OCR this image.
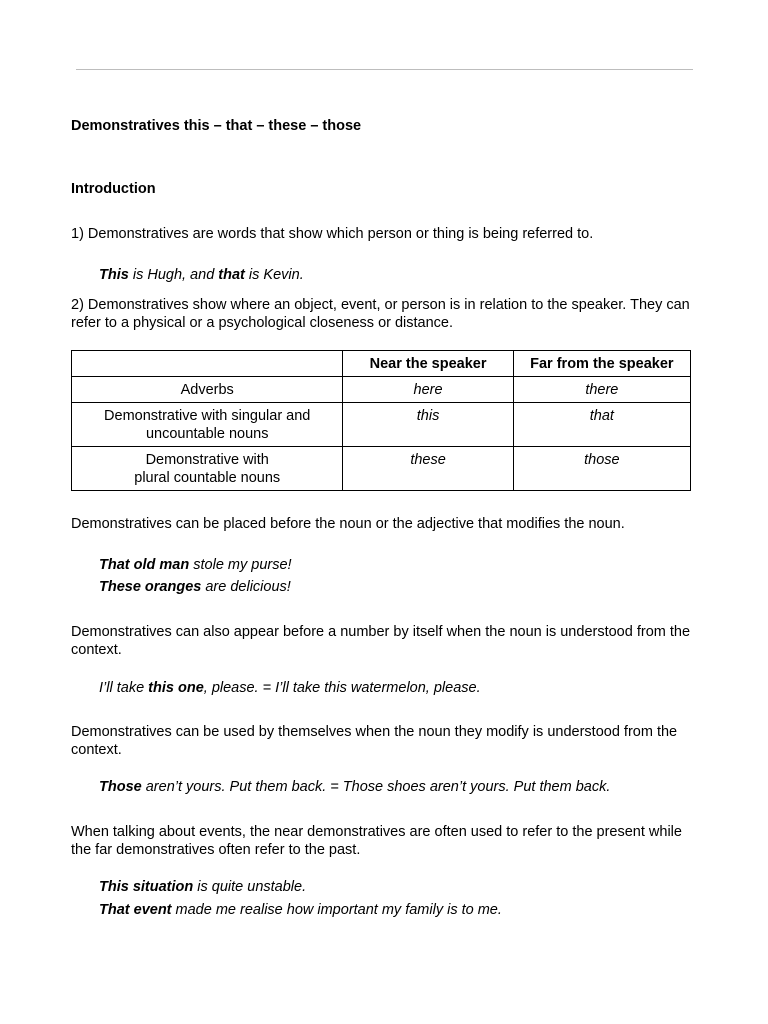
Demonstratives this – that – these – those
Introduction

1) Demonstratives are words that show which person or thing is being referred to.

This is Hugh, and that is Kevin.

2) Demonstratives show where an object, event, or person is in relation to the speaker. They can refer to a physical or a psychological closeness or distance.

	Near the speaker	Far from the speaker
Adverbs	here	there
Demonstrative with singular and
uncountable nouns	this	that
Demonstrative with
plural countable nouns	these	those

Demonstratives can be placed before the noun or the adjective that modifies the noun.

That old man stole my purse!

These oranges are delicious!

Demonstratives can also appear before a number by itself when the noun is understood from the context.

I’ll take this one, please. = I’ll take this watermelon, please.

Demonstratives can be used by themselves when the noun they modify is understood from the context.

Those aren’t yours. Put them back. = Those shoes aren’t yours. Put them back.

When talking about events, the near demonstratives are often used to refer to the present while the far demonstratives often refer to the past.

This situation is quite unstable.

That event made me realise how important my family is to me.
